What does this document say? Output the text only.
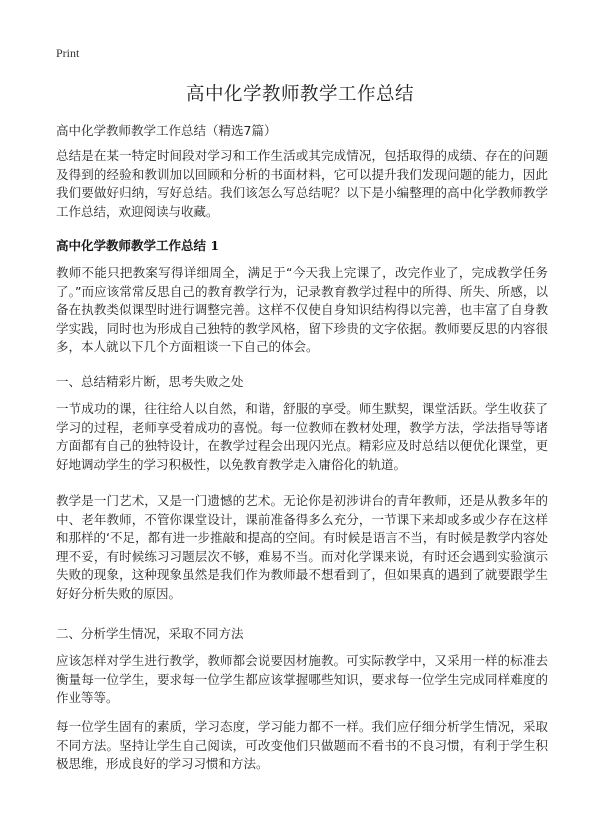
Print
高中化学教师教学工作总结
高中化学教师教学工作总结（精选7篇）

总结是在某一特定时间段对学习和工作生活或其完成情况，包括取得的成绩、存在的问题及得到的经验和教训加以回顾和分析的书面材料，它可以提升我们发现问题的能力，因此我们要做好归纳，写好总结。我们该怎么写总结呢？以下是小编整理的高中化学教师教学工作总结，欢迎阅读与收藏。

高中化学教师教学工作总结 1

教师不能只把教案写得详细周全，满足于“今天我上完课了，改完作业了，完成教学任务了。”而应该常常反思自己的教育教学行为，记录教育教学过程中的所得、所失、所感，以备在执教类似课型时进行调整完善。这样不仅使自身知识结构得以完善，也丰富了自身教学实践，同时也为形成自己独特的教学风格，留下珍贵的文字依据。教师要反思的内容很多，本人就以下几个方面粗谈一下自己的体会。

一、总结精彩片断，思考失败之处

一节成功的课，往往给人以自然，和谐，舒服的享受。师生默契，课堂活跃。学生收获了学习的过程，老师享受着成功的喜悦。每一位教师在教材处理，教学方法，学法指导等诸方面都有自己的独特设计，在教学过程会出现闪光点。精彩应及时总结以便优化课堂，更好地调动学生的学习积极性，以免教育教学走入庸俗化的轨道。

教学是一门艺术，又是一门遗憾的艺术。无论你是初涉讲台的青年教师，还是从教多年的中、老年教师，不管你课堂设计，课前准备得多么充分，一节课下来却或多或少存在这样和那样的‘不足，都有进一步推敲和提高的空间。有时候是语言不当，有时候是教学内容处理不妥，有时候练习习题层次不够，难易不当。而对化学课来说，有时还会遇到实验演示失败的现象，这种现象虽然是我们作为教师最不想看到了，但如果真的遇到了就要跟学生好好分析失败的原因。

二、分析学生情况，采取不同方法

应该怎样对学生进行教学，教师都会说要因材施教。可实际教学中，又采用一样的标准去衡量每一位学生，要求每一位学生都应该掌握哪些知识，要求每一位学生完成同样难度的作业等等。

每一位学生固有的素质，学习态度，学习能力都不一样。我们应仔细分析学生情况，采取不同方法。坚持让学生自己阅读，可改变他们只做题而不看书的不良习惯，有利于学生积极思维，形成良好的学习习惯和方法。
